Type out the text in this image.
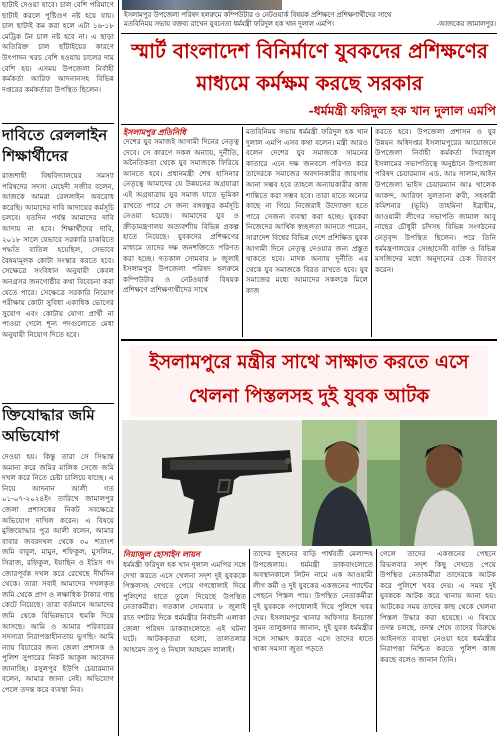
ছাটাই দেওয়া যাবে। চাল বেশি পরিমাণে ছাটাই করলে পুষ্টিগুণ নষ্ট হয়ে যায়। চাল ছাটাই কম করা হলে এটা ১৬-১৮ মেট্রিক টন চাল নষ্ট হবে না। এ ছাড়া অতিরিক্ত চাল ছাঁটাইয়ের কারণে উৎপাদন খরচ বেশি হওয়ায় চালের দাম বেশি হয়। এসময় উপজেলা নির্বাহী কর্মকর্তা আরিফ আদনানসহ বিভিন্ন দপ্তরের কর্মকর্তারা উপস্থিত ছিলেন।
দাবিতে রেললাইন শিক্ষার্থীদের
রাজশাহী বিশ্ববিদ্যালয়ের সমস্যা পরিষদের সদস্য মেহেদী সজীব বলেন, আজকে আমরা রেললাইন অবরোধ করেছি। আমাদের দাবি আদায়ের কর্মসূচি চলবে। যতদিন পর্যন্ত আমাদের দাবি আদায় না হবে। শিক্ষার্থীদের দাবি, ২০১৮ সালে যেভাবে সরকারি চাকরিতে পদ্ধতি বাতিল হয়েছিল, সেভাবে বৈষম্যমূলক কোটা সংস্কার করতে হবে। সেক্ষেত্রে সংবিধান অনুযায়ী কেবল অনগ্রসর জনগোষ্ঠীর কথা বিবেচনা করা যেতে পারে। সেক্ষেত্রে সরকারি নিয়োগ পরীক্ষায় কোটা সুবিধা একাধিক ভোগের সুযোগ এবং কোটায় যোগ্য প্রার্থী না পাওয়া গেলে শূন্য পদগুলোতে মেধা অনুযায়ী নিয়োগ দিতে হবে।
ক্তিযোদ্ধার জমি অভিযোগ
দেওয়া হয়। কিন্তু তারা সে সিদ্ধান্ত অমান্য করে জমির মালিক সেজে জমি দখল করে নিতে চেষ্টা চালিয়ে যাচ্ছে। এ নিয়ে আদনান আলী গত ০১-০৭-২০২৪ইং তারিখে জামালপুর জেলা প্রশাসকের নিকট সবক্ষেত্রে অভিযোগ দাখিল করেন। এ বিষয়ে মুক্তিযোদ্ধার পুত্র আলী বলেন, আমার বাবার জবরদখল থেকে ৩০ শতাংশ জমি বাবুল, মামুন, শফিকুল, মুসলিম, সিরাজ, রফিকুল, ইয়াছিন ও ইদ্রিস গং জোরপূর্বক দখল করে রেখেছে দীর্ঘদিন থেকে। তারা সবাই আমাদের দখলকৃত জমি থেকে প্রাণ ও লক্ষাধিক টাকার গাছ কেটে নিয়েছে। তারা বর্তমানে আমাদের জমি থেকে বিভিন্নভাবে হুমকি দিয়ে আসছে। আমি ও আমার পরিবারের সদস্যরা নিরাপত্তাহীনতায় ভুগছি। আমি ন্যায় বিচারের জন্য জেলা প্রশাসক ও পুলিশ সুপারের নিকট আকুল আবেদন জানাচ্ছি। রসুলপুর ইউপি চেয়ারম্যান বলেন, আমার জানা নেই। অভিযোগ পেলে তদন্ত করে ব্যবস্থা নিব।
ইসলামপুর উপজেলা পরিষদ হলরুমে কম্পিউটার ও নেটওয়ার্ক বিষয়ক প্রশিক্ষণে প্রশিক্ষণার্থীদের সাথে
মতবিনিময় সভায় বক্তব্য রাখেন যুবনেতা ধর্মমন্ত্রী ফরিদুল হক খান দুলাল এমপি।	-আজকের জামালপুর।
স্মার্ট বাংলাদেশ বিনির্মাণে যুবকদের প্রশিক্ষণের
মাধ্যমে কর্মক্ষম করছে সরকার
-ধর্মমন্ত্রী ফরিদুল হক খান দুলাল এমপি
ইসলামপুর প্রতিনিধি
দেশের যুব সমাজই আগামী দিনের নেতৃত্ব দেবে। সে কারণে সকল অন্যায়, দুর্নীতি, অনৈতিকতা থেকে যুব সমাজকে ফিরিয়ে আনতে হবে। প্রধানমন্ত্রী শেখ হাসিনার নেতৃত্বে আমাদের যে উন্নয়নের অগ্রযাত্রা এই অগ্রযাত্রায় যুব সমাজ যাতে ভূমিকা রাখতে পারে সে জন্য বঙ্গবন্ধুর কর্মসূচি নেওয়া হয়েছে। আমাদের যুব ও ক্রীড়ামন্ত্রণালয় অত্যবশ্যীয় বিভিন্ন প্রকল্প হাতে নিয়েছে। যুবকদের প্রশিক্ষণের মাধ্যমে তাদের দক্ষ জনশক্তিতে পরিণত করা হচ্ছে। গতকাল সোমবার ৮ জুলাই ইসলামপুর উপজেলা পরিষদ হলরুমে কম্পিউটার ও নেটওয়ার্ক বিষয়ক প্রশিক্ষণে প্রশিক্ষণার্থীদের সাথে
মতবিনিময় সভায় ধর্মমন্ত্রী ফরিদুল হক খান দুলাল এমপি এসব কথা বলেন। মন্ত্রী আরও বলেন দেশের যুব সমাজকে সামনের কাতারে এনে দক্ষ জনবলে পরিণত করে তাদেরকে সমাজের অবদানকারীর জায়গায় আনা সম্ভব হবে তাহলে অন্যায়কারীর কাজ শান্তিতে করা সম্ভব হবে। তারা যাতে অন্যের কাছে না গিয়ে নিজেরাই উদ্যোক্তা হতে পারে সেজন্য ব্যবস্থা করা হচ্ছে। যুবকরা নিজেদের আর্থিক স্বচ্ছলতা আনতে পারেন, সারাদেশ বিশ্বের বিভিন্ন দেশে প্রশিক্ষিত যুবক আগামী দিনে নেতৃত্ব দেওয়ার জন্য প্রস্তুত থাকতে হবে। মাদক অন্যায় দুর্নীতি এর থেকে যুব সমাজকে বিরত রাখতে হবে। যুব সমাজের মধ্যে আমাদের সকলকে মিলে কাজ
করতে হবে। উপজেলা প্রশাসন ও যুব উন্নয়ন অধিদপ্তর ইসলামপুরের আয়োজনে উপজেলা নির্বাহী কর্মকর্তা সিরাজুল ইসলামের সভাপতিত্বে অনুষ্ঠানে উপজেলা পরিষদ চেয়ারম্যান এড. আঃ সালাম,আইন উপজেলা ভাইস চেয়ারম্যান আঃ খালেক আকন্দ, আরিফা সুলতানা রুবী, সহকারী কমিশনার (ভূমি) তাহমিনা ইব্রাহীম, আওয়ামী লীগের সভাপতি জামাল আবু নাছের চৌধুরী চাঁদসহ বিভিন্ন সংগঠনের নেতৃবৃন্দ উপস্থিত ছিলেন। পরে তিনি ধর্মমন্ত্রণালয়ের সেচ্ছাসেবী ব্যক্তি ও বিভিন্ন মসজিদের মধ্যে অনুদানের চেক বিতরণ করেন।
ইসলামপুরে মন্ত্রীর সাথে সাক্ষাত করতে এসে
খেলনা পিস্তলসহ দুই যুবক আটক
নিয়াজুল হোসাইন লায়ন
ধর্মমন্ত্রী ফরিদুল হক খান দুলাল এমপির সঙ্গে দেখা করতে এসে খেলনা সদৃশ দুই যুবককে পিস্তলসহ দেখতে পেয়ে গণধোলাই দিয়ে পুলিশের হাতে তুলে দিয়েছে উপস্থিত নেতাকর্মীরা। গতকাল সোমবার ৮ জুলাই রাত দশটার দিকে ধর্মমন্ত্রীর নির্বাচনী এলাকা জেলা পরিষদ ডাকবাংলোতে এই ঘটনা ঘটে। আটককৃতরা হলো, তালতলার আহমেদ তপু ও নিহাল আহমেদ লালাই।
তাদের দুজনের বাড়ি পার্শ্ববর্তী মেলান্দহ উপজেলায়। ধর্মমন্ত্রী ডাকবাংলোতে অবস্থানকালে লিটন নামে এক আওয়ামী লীগ কর্মী ও দুই যুবকের একজনের প্যান্টের পেছনে পিস্তল পায়। উপস্থিত নেতাকর্মীরা দুই যুবককে গণধোলাই দিয়ে পুলিশে খবর দেয়। ইসলামপুর থানার অফিসার ইনচার্জ সুমন তালুকদার জানান, দুই যুবক ধর্মমন্ত্রীর সঙ্গে সাক্ষাৎ করতে এসে তাদের হাতে থাকা সমস্যা জুতা পড়তে
গেলে তাদের একজনের পেছনে রিভলবার সদৃশ কিছু দেখতে পেয়ে উপস্থিত নেতাকর্মীরা তাদেরকে আটক করে পুলিশে খবর দেয়। এ সময় দুই যুবককে আটক করে থানায় আনা হয়। আটকের সময় তাদের কাছ থেকে খেলনা পিস্তল উদ্ধার করা হয়েছে। এ বিষয়ে তদন্ত চলছে, তদন্ত শেষে তাদের বিরুদ্ধে আইনগত ব্যবস্থা নেওয়া হবে ধর্মমন্ত্রীর নিরাপত্তা নিশ্চিত করতে পুলিশ কাজ করছে বলেও জানান তিনি।
